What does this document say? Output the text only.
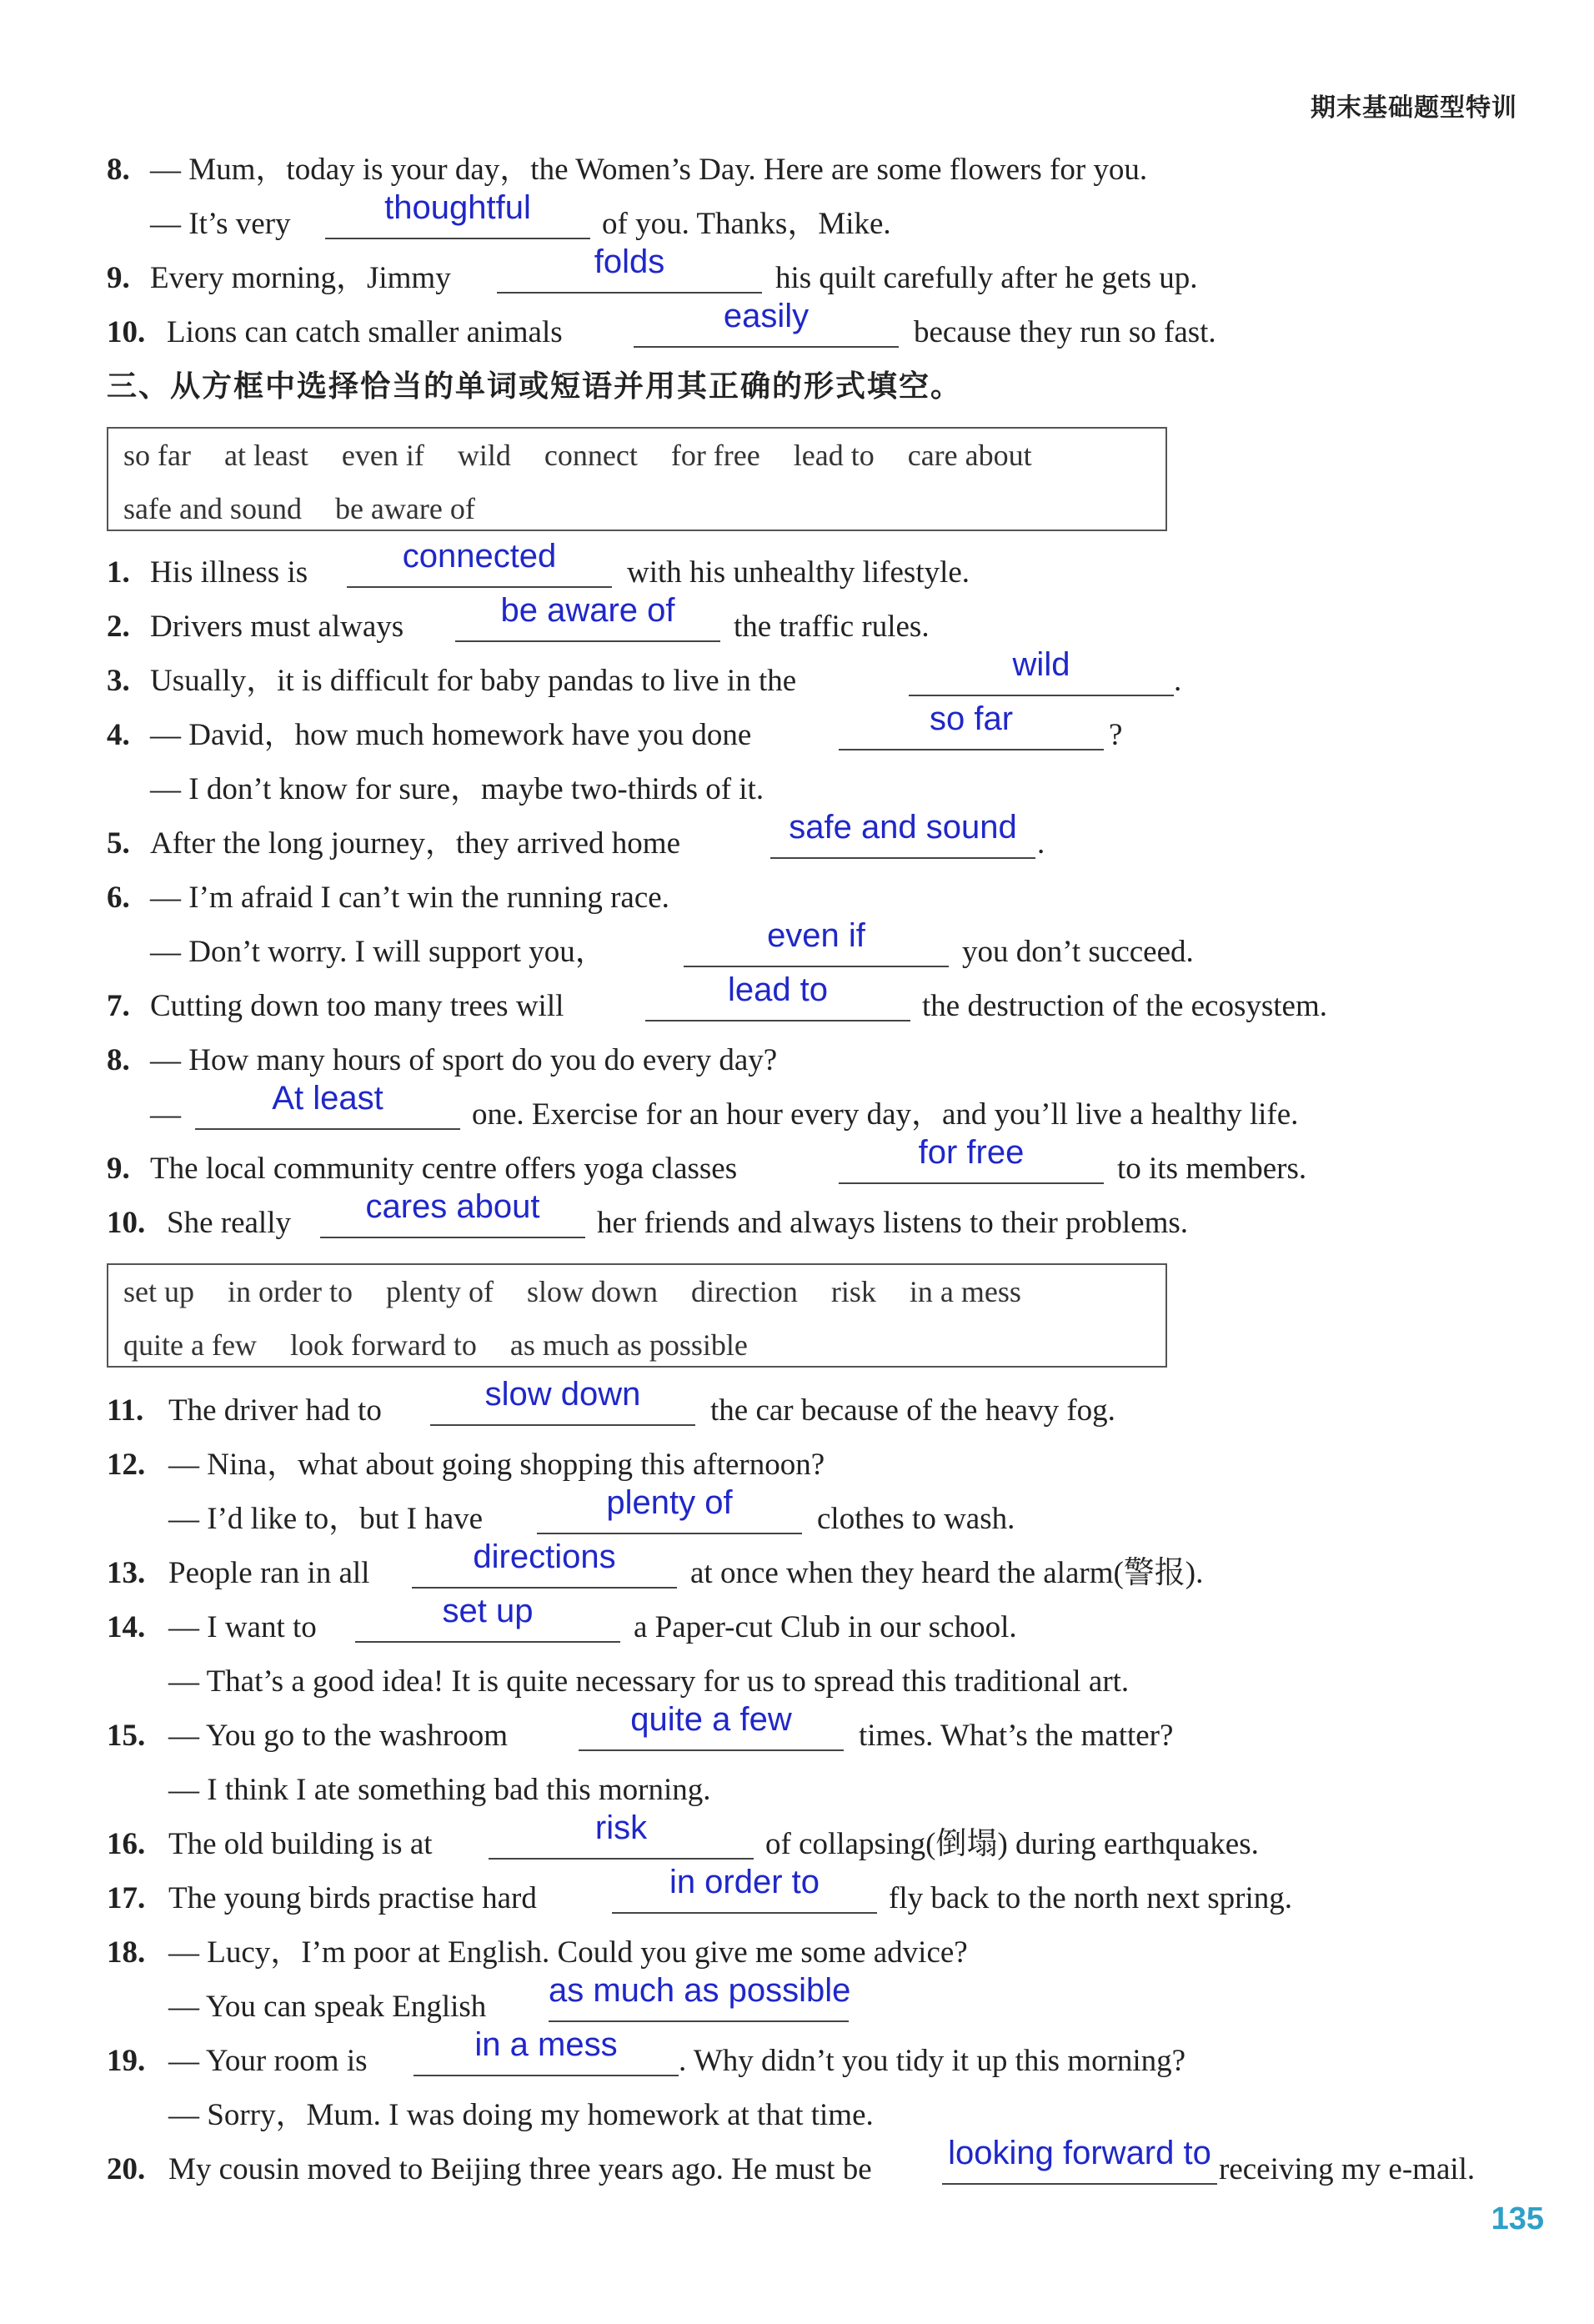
期末基础题型特训
8. — Mum，today is your day，the Women’s Day. Here are some flowers for you.
— It’s very	thoughtful	of you. Thanks，Mike.
9. Every morning，Jimmy	folds	his quilt carefully after he gets up.
10. Lions can catch smaller animals	easily	because they run so fast.
三、从方框中选择恰当的单词或短语并用其正确的形式填空。
so far at least even if wild connect for free lead to care about
safe and sound be aware of
1. His illness is	connected	with his unhealthy lifestyle.
2. Drivers must always	be aware of	the traffic rules.
3. Usually，it is difficult for baby pandas to live in the	wild	.
4. — David，how much homework have you done	so far	?
— I don’t know for sure，maybe two-thirds of it.
5. After the long journey，they arrived home	safe and sound .
6. — I’m afraid I can’t win the running race.
— Don’t worry. I will support you，	even if	you don’t succeed.
7. Cutting down too many trees will	lead to	the destruction of the ecosystem.
8. — How many hours of sport do you do every day?
—	At least	one. Exercise for an hour every day，and you’ll live a healthy life.
9. The local community centre offers yoga classes	for free	to its members.
10. She really	cares about	her friends and always listens to their problems.
set up in order to plenty of slow down direction risk in a mess
quite a few look forward to as much as possible
11. The driver had to	slow down	the car because of the heavy fog.
12. — Nina，what about going shopping this afternoon?
— I’d like to，but I have	plenty of	clothes to wash.
13. People ran in all	directions	at once when they heard the alarm(警报).
14. — I want to	set up	a Paper-cut Club in our school.
— That’s a good idea! It is quite necessary for us to spread this traditional art.
15. — You go to the washroom	quite a few	times. What’s the matter?
— I think I ate something bad this morning.
16. The old building is at	risk	of collapsing(倒塌) during earthquakes.
17. The young birds practise hard	in order to	fly back to the north next spring.
18. — Lucy，I’m poor at English. Could you give me some advice?
— You can speak English as much as possible
19. — Your room is	in a mess	. Why didn’t you tidy it up this morning?
— Sorry，Mum. I was doing my homework at that time.
20. My cousin moved to Beijing three years ago. He must be looking forward to receiving my e-mail.
135
